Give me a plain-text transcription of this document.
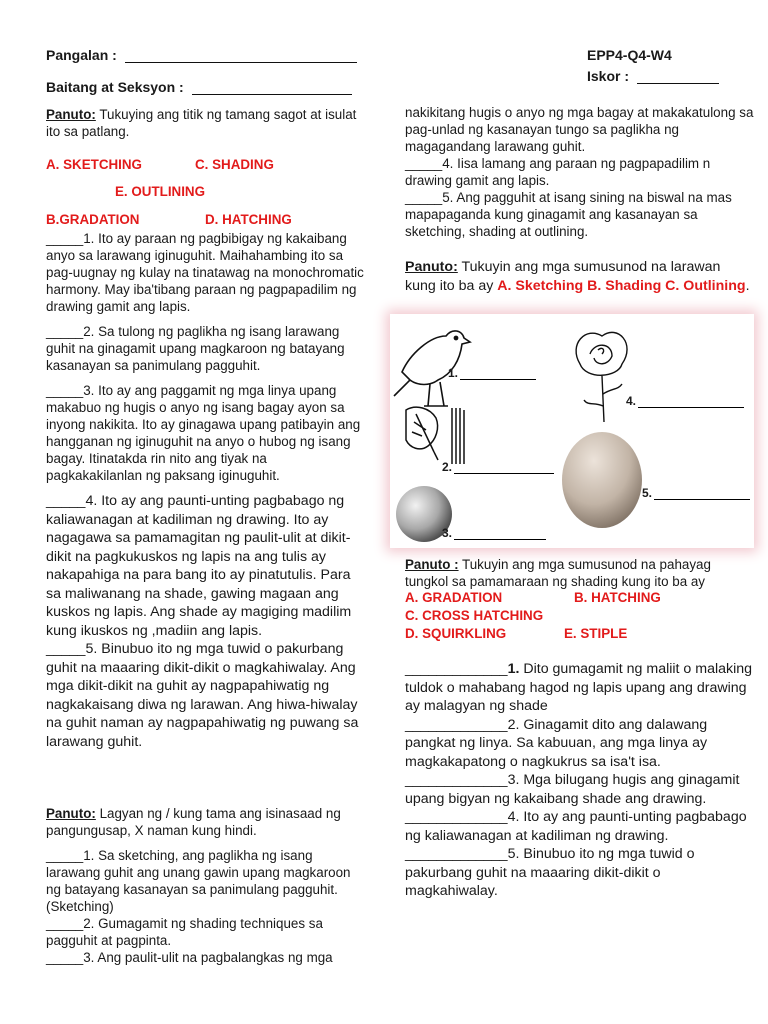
Pangalan :
Baitang at Seksyon :
EPP4-Q4-W4
Iskor :

Panuto: Tukuying ang titik ng tamang sagot at isulat ito sa patlang.

A. SKETCHING	C. SHADING
E. OUTLINING
B.GRADATION	D. HATCHING

_____1. Ito ay paraan ng pagbibigay ng kakaibang anyo sa larawang iginuguhit. Maihahambing ito sa pag-uugnay ng kulay na tinatawag na monochromatic harmony. May iba'tibang paraan ng pagpapadilim ng drawing gamit ang lapis.

_____2. Sa tulong ng paglikha ng isang larawang guhit na ginagamit upang magkaroon ng batayang kasanayan sa panimulang pagguhit.

_____3. Ito ay ang paggamit ng mga linya upang makabuo ng hugis o anyo ng isang bagay ayon sa inyong nakikita. Ito ay ginagawa upang patibayin ang hangganan ng iginuguhit na anyo o hubog ng isang bagay. Itinatakda rin nito ang tiyak na pagkakakilanlan ng paksang iginuguhit.

_____4. Ito ay ang paunti-unting pagbabago ng kaliawanagan at kadiliman ng drawing. Ito ay nagagawa sa pamamagitan ng paulit-ulit at dikit-dikit na pagkukuskos ng lapis na ang tulis ay nakapahiga na para bang ito ay pinatutulis. Para sa maliwanang na shade, gawing magaan ang kuskos ng lapis. Ang shade ay magiging madilim kung ikuskos ng ,madiin ang lapis.

_____5. Binubuo ito ng mga tuwid o pakurbang guhit na maaaring dikit-dikit o magkahiwalay. Ang mga dikit-dikit na guhit ay nagpapahiwatig ng nagkakaisang diwa ng larawan. Ang hiwa-hiwalay na guhit naman ay nagpapahiwatig ng puwang sa larawang guhit.

Panuto: Lagyan ng / kung tama ang isinasaad ng pangungusap, X naman kung hindi.

_____1. Sa sketching, ang paglikha ng isang larawang guhit ang unang gawin upang magkaroon ng batayang kasanayan sa panimulang pagguhit. (Sketching)

_____2. Gumagamit ng shading techniques sa pagguhit at pagpinta.

_____3. Ang paulit-ulit na pagbalangkas ng mga

nakikitang hugis o anyo ng mga bagay at makakatulong sa pag-unlad ng kasanayan tungo sa paglikha ng magagandang larawang guhit.

_____4. Iisa lamang ang paraan ng pagpapadilim n drawing gamit ang lapis.

_____5. Ang pagguhit at isang sining na biswal na mas mapapaganda kung ginagamit ang kasanayan sa sketching, shading at outlining.

Panuto: Tukuyin ang mga sumusunod na larawan kung ito ba ay A. Sketching B. Shading C. Outlining.

1.
2.
3.
4.
5.

Panuto : Tukuyin ang mga sumusunod na pahayag tungkol sa pamamaraan ng shading kung ito ba ay

A. GRADATION	B. HATCHING
C. CROSS HATCHING
D. SQUIRKLING	E. STIPLE

_____________1. Dito gumagamit ng maliit o malaking tuldok o mahabang hagod ng lapis upang ang drawing ay malagyan ng shade

_____________2. Ginagamit dito ang dalawang pangkat ng linya. Sa kabuuan, ang mga linya ay magkakapatong o nagkukrus sa isa't isa.

_____________3. Mga bilugang hugis ang ginagamit upang bigyan ng kakaibang shade ang drawing.

_____________4. Ito ay ang paunti-unting pagbabago ng kaliawanagan at kadiliman ng drawing.

_____________5. Binubuo ito ng mga tuwid o pakurbang guhit na maaaring dikit-dikit o magkahiwalay.
